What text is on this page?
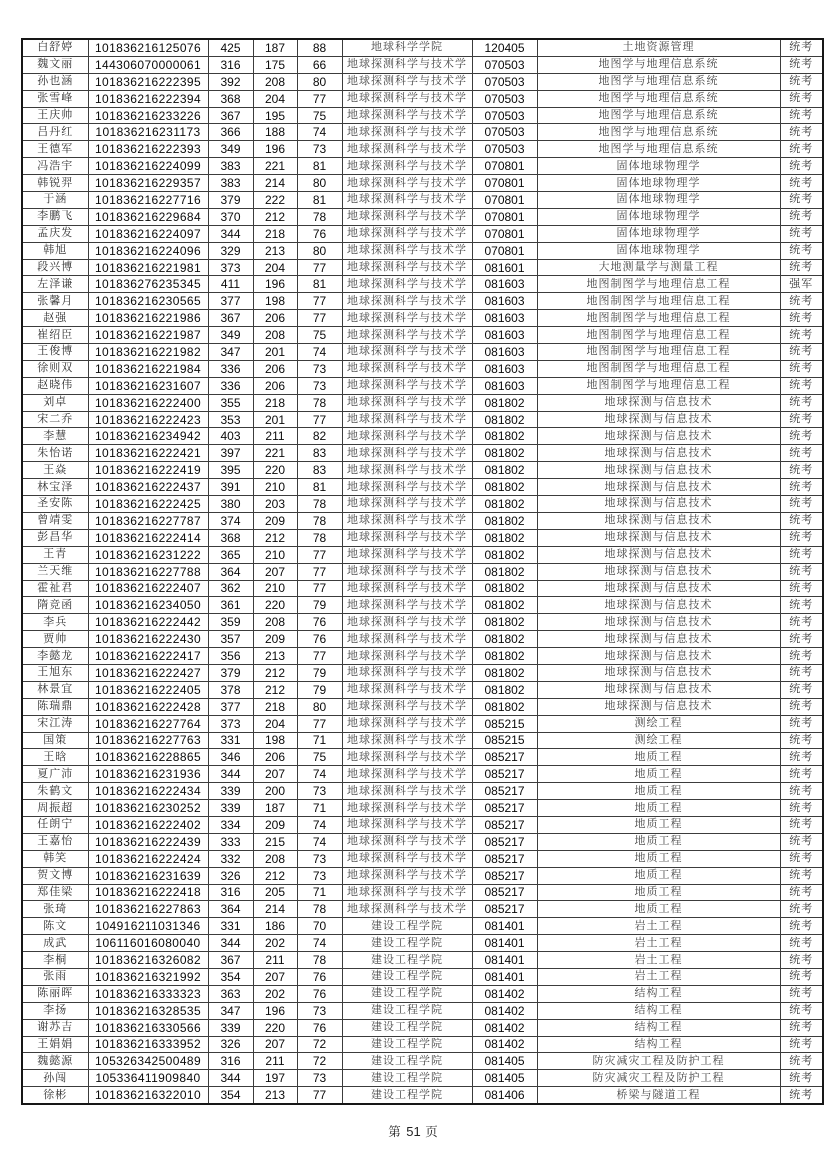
白舒婷	101836216125076	425	187	88	地球科学学院	120405	土地资源管理	统考
魏文丽	144306070000061	316	175	66	地球探测科学与技术学	070503	地图学与地理信息系统	统考
孙也涵	101836216222395	392	208	80	地球探测科学与技术学	070503	地图学与地理信息系统	统考
张雪峰	101836216222394	368	204	77	地球探测科学与技术学	070503	地图学与地理信息系统	统考
王庆帅	101836216233226	367	195	75	地球探测科学与技术学	070503	地图学与地理信息系统	统考
吕丹红	101836216231173	366	188	74	地球探测科学与技术学	070503	地图学与地理信息系统	统考
王德军	101836216222393	349	196	73	地球探测科学与技术学	070503	地图学与地理信息系统	统考
冯浩宇	101836216224099	383	221	81	地球探测科学与技术学	070801	固体地球物理学	统考
韩锐羿	101836216229357	383	214	80	地球探测科学与技术学	070801	固体地球物理学	统考
于涵	101836216227716	379	222	81	地球探测科学与技术学	070801	固体地球物理学	统考
李鹏飞	101836216229684	370	212	78	地球探测科学与技术学	070801	固体地球物理学	统考
孟庆发	101836216224097	344	218	76	地球探测科学与技术学	070801	固体地球物理学	统考
韩旭	101836216224096	329	213	80	地球探测科学与技术学	070801	固体地球物理学	统考
段兴博	101836216221981	373	204	77	地球探测科学与技术学	081601	大地测量学与测量工程	统考
左泽谦	101836276235345	411	196	81	地球探测科学与技术学	081603	地图制图学与地理信息工程	强军
张馨月	101836216230565	377	198	77	地球探测科学与技术学	081603	地图制图学与地理信息工程	统考
赵强	101836216221986	367	206	77	地球探测科学与技术学	081603	地图制图学与地理信息工程	统考
崔绍臣	101836216221987	349	208	75	地球探测科学与技术学	081603	地图制图学与地理信息工程	统考
王俊博	101836216221982	347	201	74	地球探测科学与技术学	081603	地图制图学与地理信息工程	统考
徐则双	101836216221984	336	206	73	地球探测科学与技术学	081603	地图制图学与地理信息工程	统考
赵晓伟	101836216231607	336	206	73	地球探测科学与技术学	081603	地图制图学与地理信息工程	统考
刘卓	101836216222400	355	218	78	地球探测科学与技术学	081802	地球探测与信息技术	统考
宋二乔	101836216222423	353	201	77	地球探测科学与技术学	081802	地球探测与信息技术	统考
李慧	101836216234942	403	211	82	地球探测科学与技术学	081802	地球探测与信息技术	统考
朱怡诺	101836216222421	397	221	83	地球探测科学与技术学	081802	地球探测与信息技术	统考
王焱	101836216222419	395	220	83	地球探测科学与技术学	081802	地球探测与信息技术	统考
林宝泽	101836216222437	391	210	81	地球探测科学与技术学	081802	地球探测与信息技术	统考
圣安陈	101836216222425	380	203	78	地球探测科学与技术学	081802	地球探测与信息技术	统考
曾靖雯	101836216227787	374	209	78	地球探测科学与技术学	081802	地球探测与信息技术	统考
彭昌华	101836216222414	368	212	78	地球探测科学与技术学	081802	地球探测与信息技术	统考
王青	101836216231222	365	210	77	地球探测科学与技术学	081802	地球探测与信息技术	统考
兰天维	101836216227788	364	207	77	地球探测科学与技术学	081802	地球探测与信息技术	统考
霍祉君	101836216222407	362	210	77	地球探测科学与技术学	081802	地球探测与信息技术	统考
隋竞函	101836216234050	361	220	79	地球探测科学与技术学	081802	地球探测与信息技术	统考
李兵	101836216222442	359	208	76	地球探测科学与技术学	081802	地球探测与信息技术	统考
贾帅	101836216222430	357	209	76	地球探测科学与技术学	081802	地球探测与信息技术	统考
李懿龙	101836216222417	356	213	77	地球探测科学与技术学	081802	地球探测与信息技术	统考
王旭东	101836216222427	379	212	79	地球探测科学与技术学	081802	地球探测与信息技术	统考
林景宜	101836216222405	378	212	79	地球探测科学与技术学	081802	地球探测与信息技术	统考
陈瑞鼎	101836216222428	377	218	80	地球探测科学与技术学	081802	地球探测与信息技术	统考
宋江涛	101836216227764	373	204	77	地球探测科学与技术学	085215	测绘工程	统考
国策	101836216227763	331	198	71	地球探测科学与技术学	085215	测绘工程	统考
王晗	101836216228865	346	206	75	地球探测科学与技术学	085217	地质工程	统考
夏广沛	101836216231936	344	207	74	地球探测科学与技术学	085217	地质工程	统考
朱鹤文	101836216222434	339	200	73	地球探测科学与技术学	085217	地质工程	统考
周振超	101836216230252	339	187	71	地球探测科学与技术学	085217	地质工程	统考
任朗宁	101836216222402	334	209	74	地球探测科学与技术学	085217	地质工程	统考
王嘉怡	101836216222439	333	215	74	地球探测科学与技术学	085217	地质工程	统考
韩笑	101836216222424	332	208	73	地球探测科学与技术学	085217	地质工程	统考
贺文博	101836216231639	326	212	73	地球探测科学与技术学	085217	地质工程	统考
郑佳梁	101836216222418	316	205	71	地球探测科学与技术学	085217	地质工程	统考
张琦	101836216227863	364	214	78	地球探测科学与技术学	085217	地质工程	统考
陈文	104916211031346	331	186	70	建设工程学院	081401	岩土工程	统考
成武	106116016080040	344	202	74	建设工程学院	081401	岩土工程	统考
李桐	101836216326082	367	211	78	建设工程学院	081401	岩土工程	统考
张雨	101836216321992	354	207	76	建设工程学院	081401	岩土工程	统考
陈丽晖	101836216333323	363	202	76	建设工程学院	081402	结构工程	统考
李扬	101836216328535	347	196	73	建设工程学院	081402	结构工程	统考
谢苏吉	101836216330566	339	220	76	建设工程学院	081402	结构工程	统考
王娟娟	101836216333952	326	207	72	建设工程学院	081402	结构工程	统考
魏懿源	105326342500489	316	211	72	建设工程学院	081405	防灾减灾工程及防护工程	统考
孙闯	105336411909840	344	197	73	建设工程学院	081405	防灾减灾工程及防护工程	统考
徐彬	101836216322010	354	213	77	建设工程学院	081406	桥梁与隧道工程	统考
第 51 页
